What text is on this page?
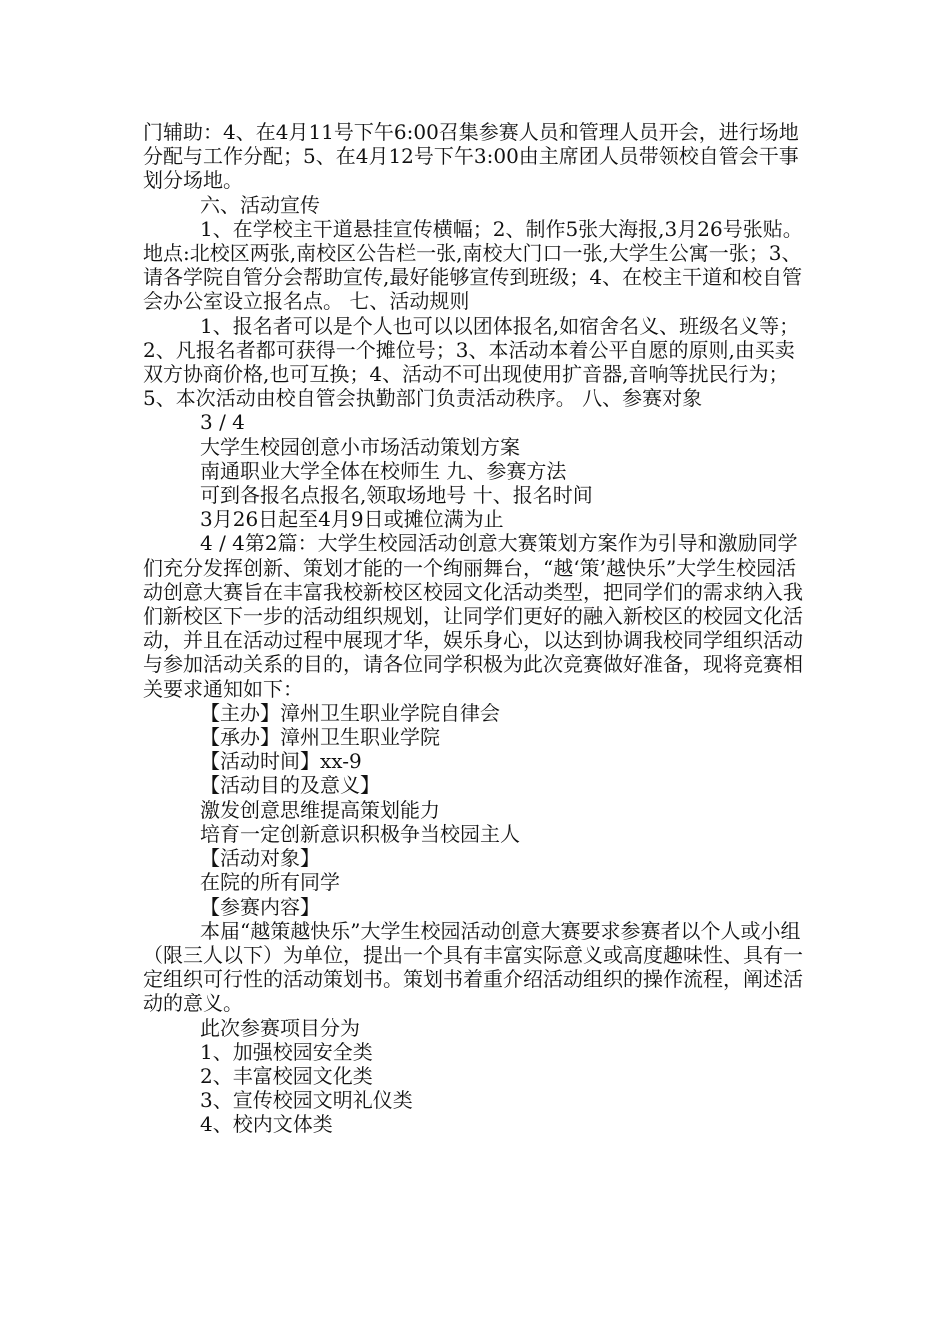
门辅助：4、在4月11号下午6:00召集参赛人员和管理人员开会，进行场地分配与工作分配；5、在4月12号下午3:00由主席团人员带领校自管会干事划分场地。

六、活动宣传

1、在学校主干道悬挂宣传横幅；2、制作5张大海报,3月26号张贴。地点:北校区两张,南校区公告栏一张,南校大门口一张,大学生公寓一张；3、请各学院自管分会帮助宣传,最好能够宣传到班级；4、在校主干道和校自管会办公室设立报名点。 七、活动规则

1、报名者可以是个人也可以以团体报名,如宿舍名义、班级名义等；2、凡报名者都可获得一个摊位号；3、本活动本着公平自愿的原则,由买卖双方协商价格,也可互换；4、活动不可出现使用扩音器,音响等扰民行为；5、本次活动由校自管会执勤部门负责活动秩序。 八、参赛对象

3 / 4

大学生校园创意小市场活动策划方案

南通职业大学全体在校师生 九、参赛方法

可到各报名点报名,领取场地号 十、报名时间

3月26日起至4月9日或摊位满为止

4 / 4第2篇：大学生校园活动创意大赛策划方案作为引导和激励同学们充分发挥创新、策划才能的一个绚丽舞台，“越‘策’越快乐”大学生校园活动创意大赛旨在丰富我校新校区校园文化活动类型，把同学们的需求纳入我们新校区下一步的活动组织规划，让同学们更好的融入新校区的校园文化活动，并且在活动过程中展现才华，娱乐身心，以达到协调我校同学组织活动与参加活动关系的目的，请各位同学积极为此次竞赛做好准备，现将竞赛相关要求通知如下：

【主办】漳州卫生职业学院自律会

【承办】漳州卫生职业学院

【活动时间】xx-9

【活动目的及意义】

激发创意思维提高策划能力

培育一定创新意识积极争当校园主人

【活动对象】

在院的所有同学

【参赛内容】

本届“越策越快乐”大学生校园活动创意大赛要求参赛者以个人或小组（限三人以下）为单位，提出一个具有丰富实际意义或高度趣味性、具有一定组织可行性的活动策划书。策划书着重介绍活动组织的操作流程，阐述活动的意义。

此次参赛项目分为

1、加强校园安全类

2、丰富校园文化类

3、宣传校园文明礼仪类

4、校内文体类
